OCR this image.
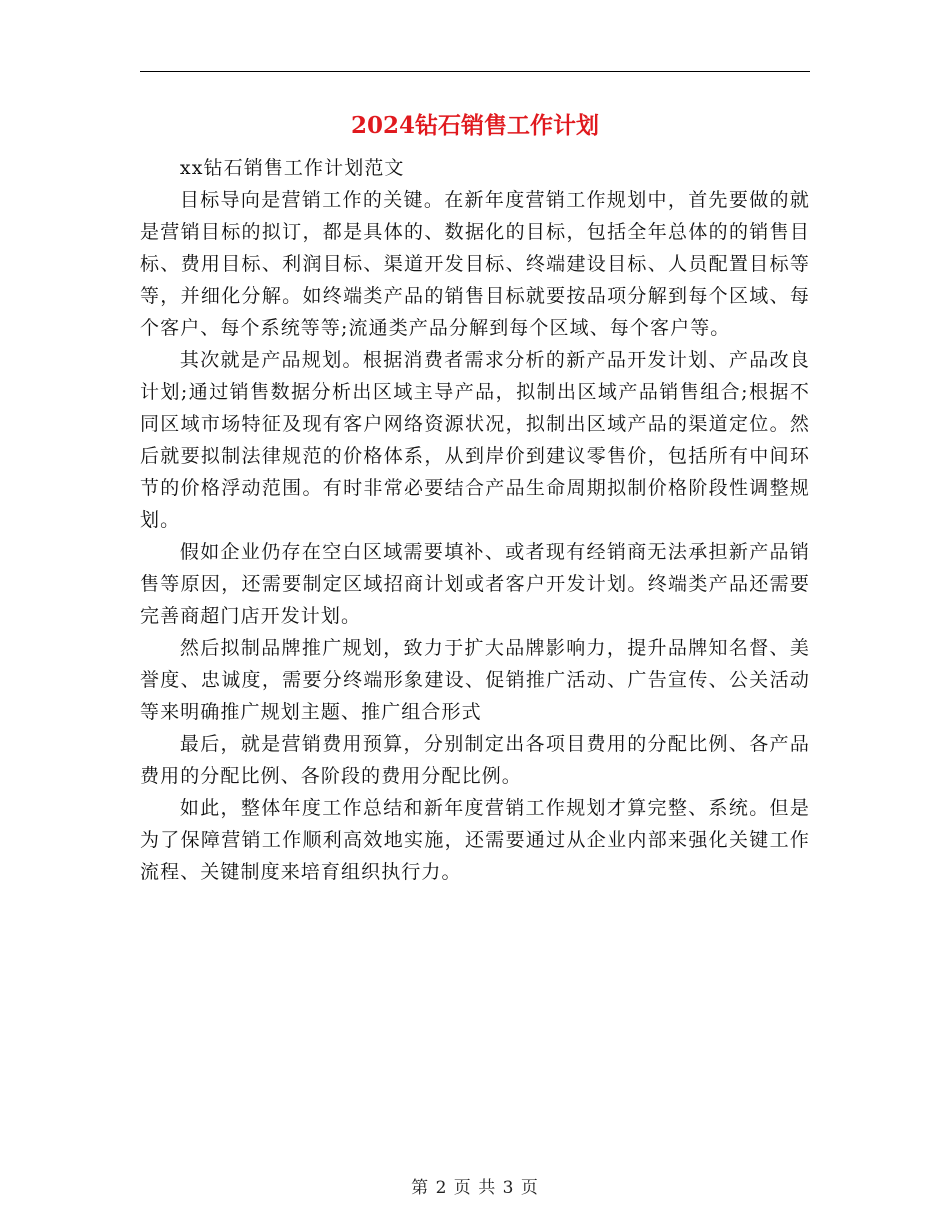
2024钻石销售工作计划

xx钻石销售工作计划范文

目标导向是营销工作的关键。在新年度营销工作规划中，首先要做的就是营销目标的拟订，都是具体的、数据化的目标，包括全年总体的的销售目标、费用目标、利润目标、渠道开发目标、终端建设目标、人员配置目标等等，并细化分解。如终端类产品的销售目标就要按品项分解到每个区域、每个客户、每个系统等等;流通类产品分解到每个区域、每个客户等。

其次就是产品规划。根据消费者需求分析的新产品开发计划、产品改良计划;通过销售数据分析出区域主导产品，拟制出区域产品销售组合;根据不同区域市场特征及现有客户网络资源状况，拟制出区域产品的渠道定位。然后就要拟制法律规范的价格体系，从到岸价到建议零售价，包括所有中间环节的价格浮动范围。有时非常必要结合产品生命周期拟制价格阶段性调整规划。

假如企业仍存在空白区域需要填补、或者现有经销商无法承担新产品销售等原因，还需要制定区域招商计划或者客户开发计划。终端类产品还需要完善商超门店开发计划。

然后拟制品牌推广规划，致力于扩大品牌影响力，提升品牌知名督、美誉度、忠诚度，需要分终端形象建设、促销推广活动、广告宣传、公关活动等来明确推广规划主题、推广组合形式

最后，就是营销费用预算，分别制定出各项目费用的分配比例、各产品费用的分配比例、各阶段的费用分配比例。

如此，整体年度工作总结和新年度营销工作规划才算完整、系统。但是为了保障营销工作顺利高效地实施，还需要通过从企业内部来强化关键工作流程、关键制度来培育组织执行力。

第 2 页 共 3 页
